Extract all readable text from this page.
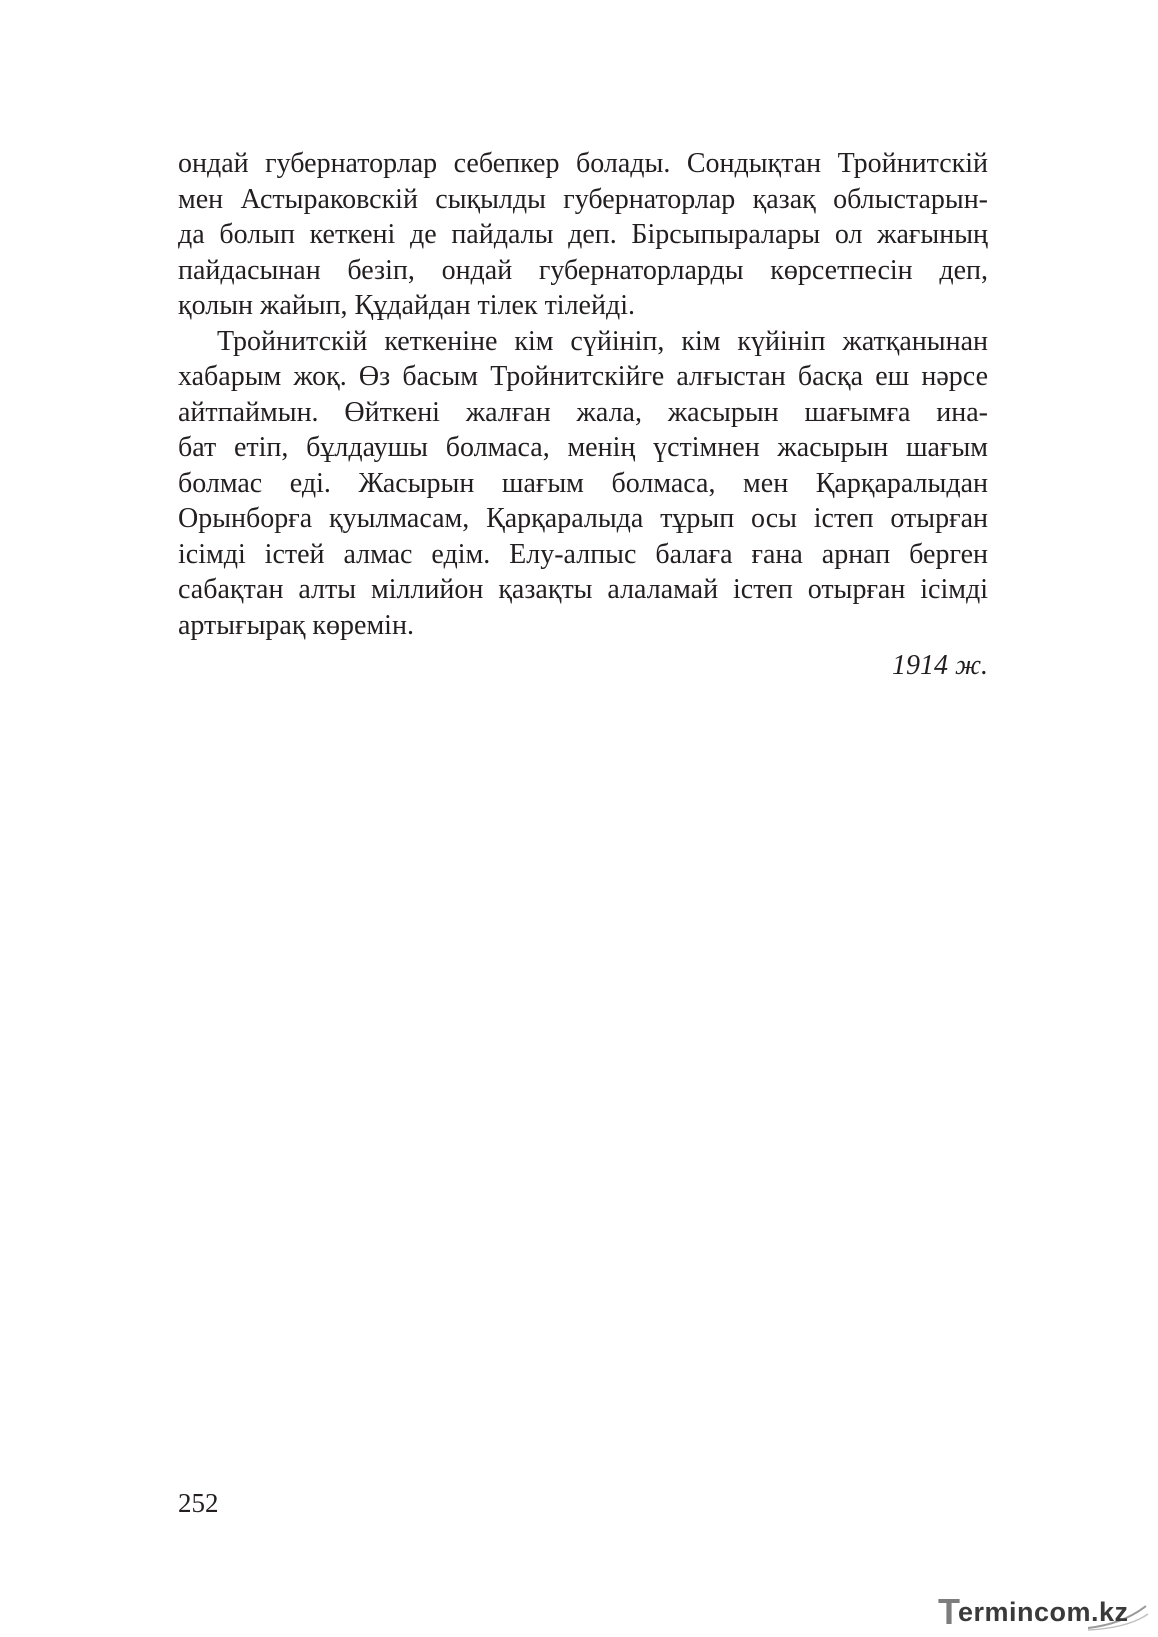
ондай губернаторлар себепкер болады. Сондықтан Тройнитскій
мен Астыраковскій сықылды губернаторлар қазақ облыстарын-
да болып кеткені де пайдалы деп. Бірсыпыралары ол жағының
пайдасынан безіп, ондай губернаторларды көрсетпесін деп,
қолын жайып, Құдайдан тілек тілейді.
Тройнитскій кеткеніне кім сүйініп, кім күйініп жатқанынан
хабарым жоқ. Өз басым Тройнитскійге алғыстан басқа еш нәрсе
айтпаймын. Өйткені жалған жала, жасырын шағымға ина-
бат етіп, бұлдаушы болмаса, менің үстімнен жасырын шағым
болмас еді. Жасырын шағым болмаса, мен Қарқаралыдан
Орынборға қуылмасам, Қарқаралыда тұрып осы істеп отырған
ісімді істей алмас едім. Елу-алпыс балаға ғана арнап берген
сабақтан алты міллийон қазақты алаламай істеп отырған ісімді
артығырақ көремін.
1914 ж.
252
T
ermincom.kz
